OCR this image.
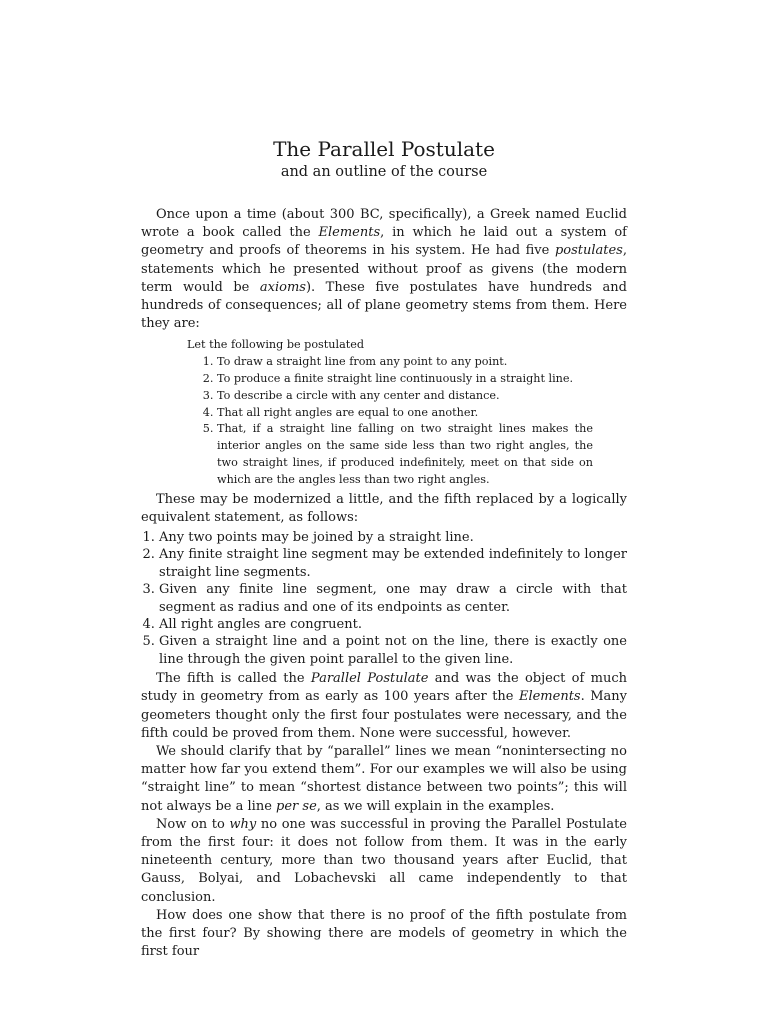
The Parallel Postulate
and an outline of the course

Once upon a time (about 300 BC, specifically), a Greek named Euclid wrote a book called the Elements, in which he laid out a system of geometry and proofs of theorems in his system. He had five postulates, statements which he presented without proof as givens (the modern term would be axioms). These five postulates have hundreds and hundreds of consequences; all of plane geometry stems from them. Here they are:

Let the following be postulated
1. To draw a straight line from any point to any point.
2. To produce a finite straight line continuously in a straight line.
3. To describe a circle with any center and distance.
4. That all right angles are equal to one another.
5. That, if a straight line falling on two straight lines makes the interior angles on the same side less than two right angles, the two straight lines, if produced indefinitely, meet on that side on which are the angles less than two right angles.

These may be modernized a little, and the fifth replaced by a logically equivalent statement, as follows:

1. Any two points may be joined by a straight line.
2. Any finite straight line segment may be extended indefinitely to longer straight line segments.
3. Given any finite line segment, one may draw a circle with that segment as radius and one of its endpoints as center.
4. All right angles are congruent.
5. Given a straight line and a point not on the line, there is exactly one line through the given point parallel to the given line.

The fifth is called the Parallel Postulate and was the object of much study in geometry from as early as 100 years after the Elements. Many geometers thought only the first four postulates were necessary, and the fifth could be proved from them. None were successful, however.

We should clarify that by “parallel” lines we mean “nonintersecting no matter how far you extend them”. For our examples we will also be using “straight line” to mean “shortest distance between two points”; this will not always be a line per se, as we will explain in the examples.

Now on to why no one was successful in proving the Parallel Postulate from the first four: it does not follow from them. It was in the early nineteenth century, more than two thousand years after Euclid, that Gauss, Bolyai, and Lobachevski all came independently to that conclusion.

How does one show that there is no proof of the fifth postulate from the first four? By showing there are models of geometry in which the first four
